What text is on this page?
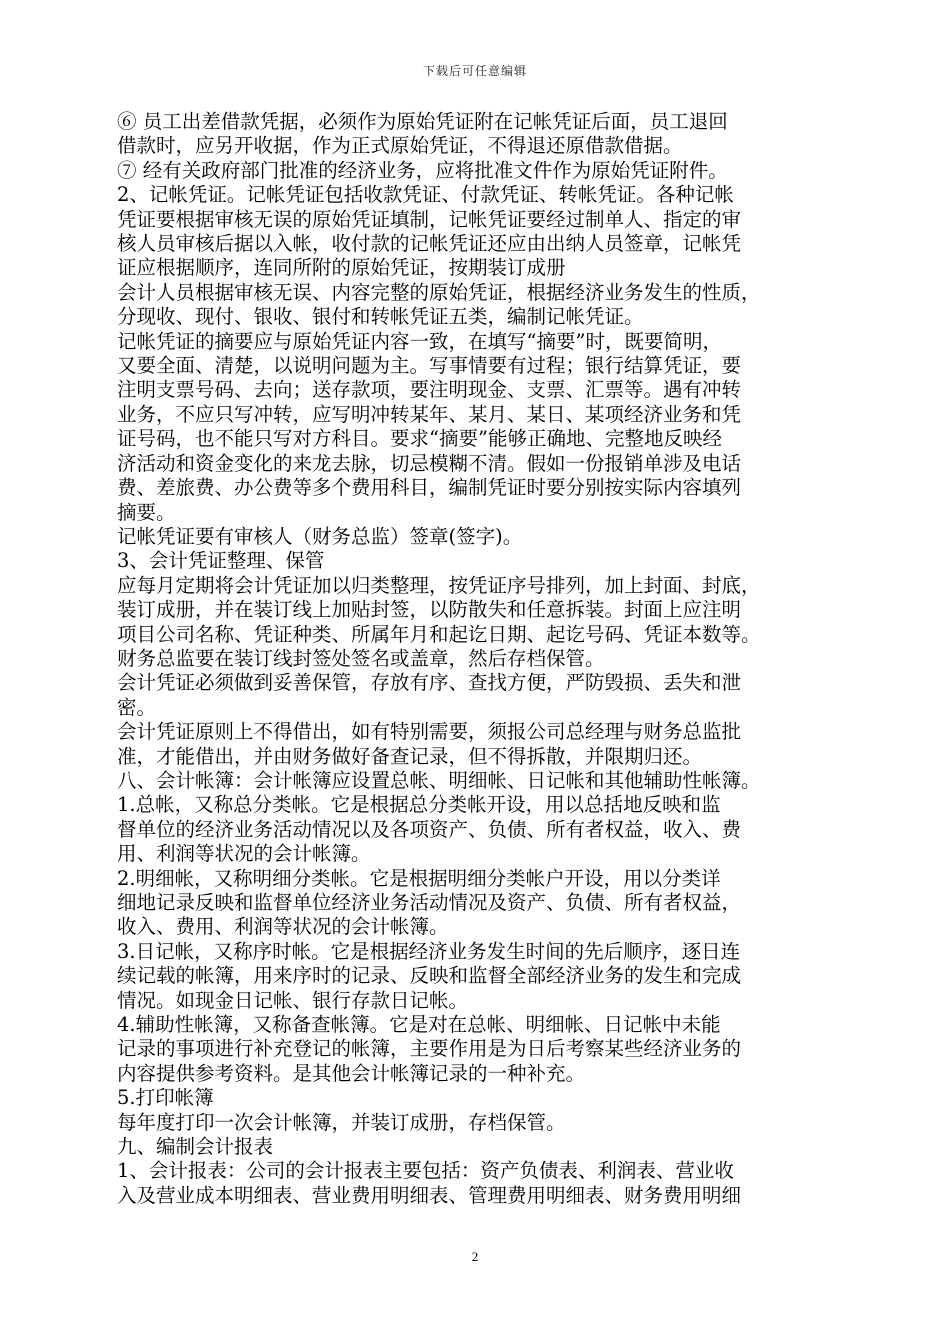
下载后可任意编辑

⑥ 员工出差借款凭据，必须作为原始凭证附在记帐凭证后面，员工退回

借款时，应另开收据，作为正式原始凭证，不得退还原借款借据。

⑦ 经有关政府部门批准的经济业务，应将批准文件作为原始凭证附件。

2、记帐凭证。记帐凭证包括收款凭证、付款凭证、转帐凭证。各种记帐

凭证要根据审核无误的原始凭证填制，记帐凭证要经过制单人、指定的审

核人员审核后据以入帐，收付款的记帐凭证还应由出纳人员签章，记帐凭

证应根据顺序，连同所附的原始凭证，按期装订成册

会计人员根据审核无误、内容完整的原始凭证，根据经济业务发生的性质，

分现收、现付、银收、银付和转帐凭证五类，编制记帐凭证。

记帐凭证的摘要应与原始凭证内容一致，在填写“摘要”时，既要简明，

又要全面、清楚，以说明问题为主。写事情要有过程；银行结算凭证，要

注明支票号码、去向；送存款项，要注明现金、支票、汇票等。遇有冲转

业务，不应只写冲转，应写明冲转某年、某月、某日、某项经济业务和凭

证号码，也不能只写对方科目。要求“摘要”能够正确地、完整地反映经

济活动和资金变化的来龙去脉，切忌模糊不清。假如一份报销单涉及电话

费、差旅费、办公费等多个费用科目，编制凭证时要分别按实际内容填列

摘要。

记帐凭证要有审核人（财务总监）签章(签字)。

3、会计凭证整理、保管

应每月定期将会计凭证加以归类整理，按凭证序号排列，加上封面、封底，

装订成册，并在装订线上加贴封签，以防散失和任意拆装。封面上应注明

项目公司名称、凭证种类、所属年月和起讫日期、起讫号码、凭证本数等。

财务总监要在装订线封签处签名或盖章，然后存档保管。

会计凭证必须做到妥善保管，存放有序、查找方便，严防毁损、丢失和泄

密。

会计凭证原则上不得借出，如有特别需要，须报公司总经理与财务总监批

准，才能借出，并由财务做好备查记录，但不得拆散，并限期归还。

八、会计帐簿：会计帐簿应设置总帐、明细帐、日记帐和其他辅助性帐簿。

1.总帐，又称总分类帐。它是根据总分类帐开设，用以总括地反映和监

督单位的经济业务活动情况以及各项资产、负债、所有者权益，收入、费

用、利润等状况的会计帐簿。

2.明细帐，又称明细分类帐。它是根据明细分类帐户开设，用以分类详

细地记录反映和监督单位经济业务活动情况及资产、负债、所有者权益，

收入、费用、利润等状况的会计帐簿。

3.日记帐，又称序时帐。它是根据经济业务发生时间的先后顺序，逐日连

续记载的帐簿，用来序时的记录、反映和监督全部经济业务的发生和完成

情况。如现金日记帐、银行存款日记帐。

4.辅助性帐簿，又称备查帐簿。它是对在总帐、明细帐、日记帐中未能

记录的事项进行补充登记的帐簿，主要作用是为日后考察某些经济业务的

内容提供参考资料。是其他会计帐簿记录的一种补充。

5.打印帐簿

每年度打印一次会计帐簿，并装订成册，存档保管。

九、编制会计报表

1、会计报表：公司的会计报表主要包括：资产负债表、利润表、营业收

入及营业成本明细表、营业费用明细表、管理费用明细表、财务费用明细

2
